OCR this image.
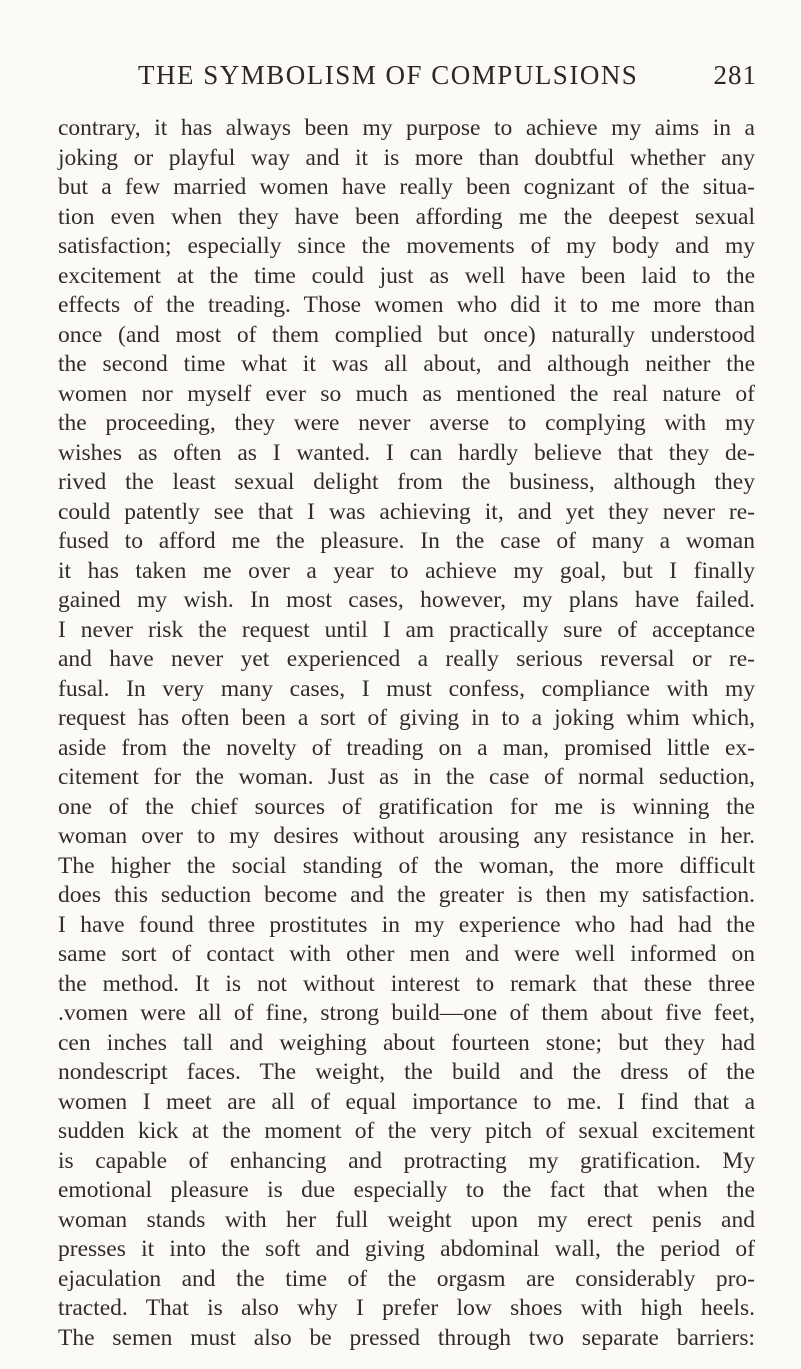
THE SYMBOLISM OF COMPULSIONS	281
contrary, it has always been my purpose to achieve my aims in a
joking or playful way and it is more than doubtful whether any
but a few married women have really been cognizant of the situa-
tion even when they have been affording me the deepest sexual
satisfaction; especially since the movements of my body and my
excitement at the time could just as well have been laid to the
effects of the treading. Those women who did it to me more than
once (and most of them complied but once) naturally understood
the second time what it was all about, and although neither the
women nor myself ever so much as mentioned the real nature of
the proceeding, they were never averse to complying with my
wishes as often as I wanted. I can hardly believe that they de-
rived the least sexual delight from the business, although they
could patently see that I was achieving it, and yet they never re-
fused to afford me the pleasure. In the case of many a woman
it has taken me over a year to achieve my goal, but I finally
gained my wish. In most cases, however, my plans have failed.
I never risk the request until I am practically sure of acceptance
and have never yet experienced a really serious reversal or re-
fusal. In very many cases, I must confess, compliance with my
request has often been a sort of giving in to a joking whim which,
aside from the novelty of treading on a man, promised little ex-
citement for the woman. Just as in the case of normal seduction,
one of the chief sources of gratification for me is winning the
woman over to my desires without arousing any resistance in her.
The higher the social standing of the woman, the more difficult
does this seduction become and the greater is then my satisfaction.
I have found three prostitutes in my experience who had had the
same sort of contact with other men and were well informed on
the method. It is not without interest to remark that these three
.vomen were all of fine, strong build—one of them about five feet,
cen inches tall and weighing about fourteen stone; but they had
nondescript faces. The weight, the build and the dress of the
women I meet are all of equal importance to me. I find that a
sudden kick at the moment of the very pitch of sexual excitement
is capable of enhancing and protracting my gratification. My
emotional pleasure is due especially to the fact that when the
woman stands with her full weight upon my erect penis and
presses it into the soft and giving abdominal wall, the period of
ejaculation and the time of the orgasm are considerably pro-
tracted. That is also why I prefer low shoes with high heels.
The semen must also be pressed through two separate barriers:
